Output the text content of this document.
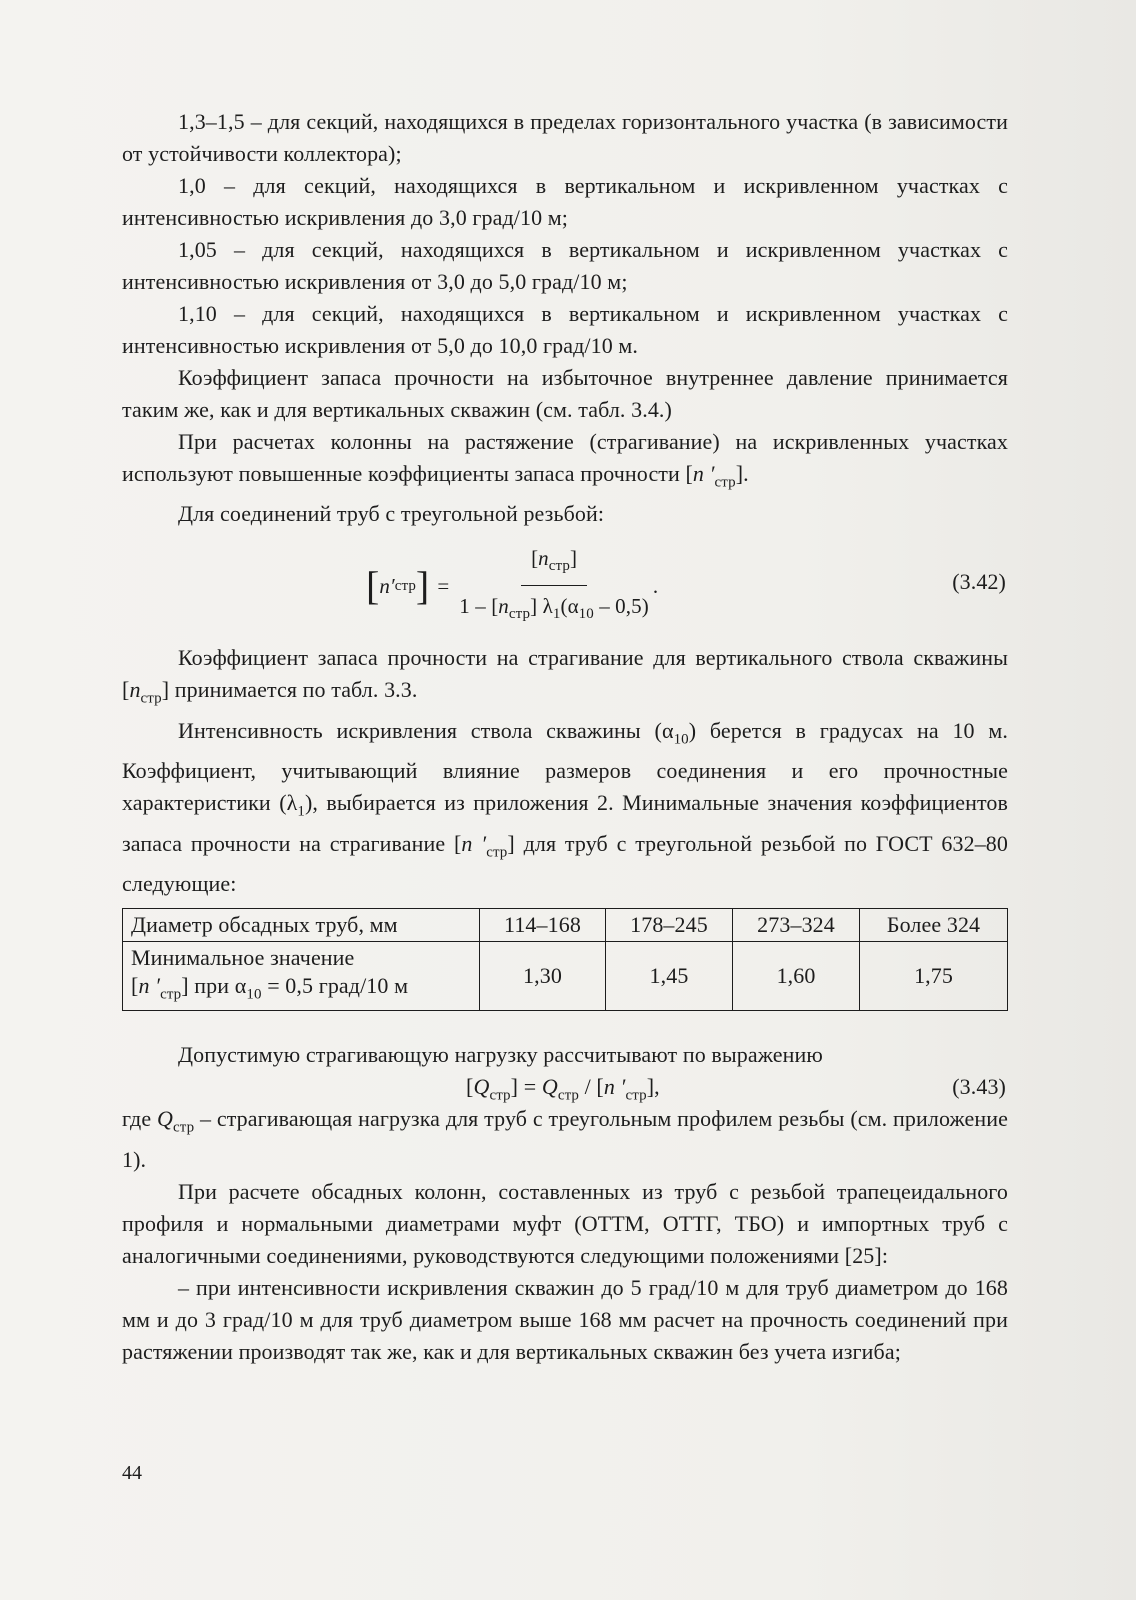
1,3–1,5 – для секций, находящихся в пределах горизонтального участка (в зависимости от устойчивости коллектора);

1,0 – для секций, находящихся в вертикальном и искривленном участках с интенсивностью искривления до 3,0 град/10 м;

1,05 – для секций, находящихся в вертикальном и искривленном участках с интенсивностью искривления от 3,0 до 5,0 град/10 м;

1,10 – для секций, находящихся в вертикальном и искривленном участках с интенсивностью искривления от 5,0 до 10,0 град/10 м.

Коэффициент запаса прочности на избыточное внутреннее давление принимается таким же, как и для вертикальных скважин (см. табл. 3.4.)

При расчетах колонны на растяжение (страгивание) на искривленных участках используют повышенные коэффициенты запаса прочности [n $'_{стр}$].

Для соединений труб с треугольной резьбой:

[ n′ стр ] = $\frac{[n_{стр}]}{1 - [n_{стр}] \lambda_1(\alpha_{10} - 0,5)}$ .	(3.42)

Коэффициент запаса прочности на страгивание для вертикального ствола скважины $[n_{стр}]$ принимается по табл. 3.3.

Интенсивность искривления ствола скважины $(\alpha_{10})$ берется в градусах на 10 м. Коэффициент, учитывающий влияние размеров соединения и его прочностные характеристики $(\lambda_1)$, выбирается из приложения 2. Минимальные значения коэффициентов запаса прочности на страгивание [n $'_{стр}$] для труб с треугольной резьбой по ГОСТ 632–80 следующие:

Диаметр обсадных труб, мм	114–168	178–245	273–324	Более 324
Минимальное значение
[n $'_{стр}$] при $\alpha_{10} = 0,5$ град/10 м	1,30	1,45	1,60	1,75

Допустимую страгивающую нагрузку рассчитывают по выражению

$[Q_{стр}] = Q_{стр} / [n$ $'_{стр}$],	(3.43)

где $Q_{стр}$ – страгивающая нагрузка для труб с треугольным профилем резьбы (см. приложение 1).

При расчете обсадных колонн, составленных из труб с резьбой трапецеидального профиля и нормальными диаметрами муфт (ОТТМ, ОТТГ, ТБО) и импортных труб с аналогичными соединениями, руководствуются следующими положениями [25]:

– при интенсивности искривления скважин до 5 град/10 м для труб диаметром до 168 мм и до 3 град/10 м для труб диаметром выше 168 мм расчет на прочность соединений при растяжении производят так же, как и для вертикальных скважин без учета изгиба;

44
